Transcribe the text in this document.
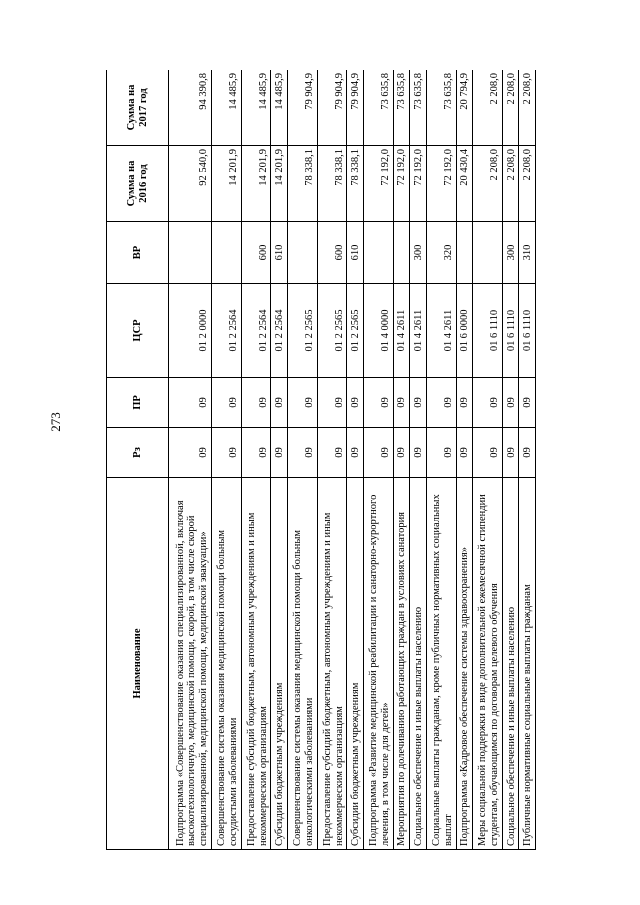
273
Наименование	Рз	ПР	ЦСР	ВР	Сумма на 2016 год	Сумма на 2017 год
Подпрограмма «Совершенствование оказания специализированной, включая высокотехнологичную, медицинской помощи, скорой, в том числе скорой специализированной, медицинской помощи, медицинской эвакуации»	09	09	01 2 0000		92 540,0	94 390,8
Совершенствование системы оказания медицинской помощи больным сосудистыми заболеваниями	09	09	01 2 2564		14 201,9	14 485,9
Предоставление субсидий бюджетным, автономным учреждениям и иным некоммерческим организациям	09	09	01 2 2564	600	14 201,9	14 485,9
Субсидии бюджетным учреждениям	09	09	01 2 2564	610	14 201,9	14 485,9
Совершенствование системы оказания медицинской помощи больным онкологическими заболеваниями	09	09	01 2 2565		78 338,1	79 904,9
Предоставление субсидий бюджетным, автономным учреждениям и иным некоммерческим организациям	09	09	01 2 2565	600	78 338,1	79 904,9
Субсидии бюджетным учреждениям	09	09	01 2 2565	610	78 338,1	79 904,9
Подпрограмма «Развитие медицинской реабилитации и санаторно-курортного лечения, в том числе для детей»	09	09	01 4 0000		72 192,0	73 635,8
Мероприятия по долечиванию работающих граждан в условиях санатория	09	09	01 4 2611		72 192,0	73 635,8
Социальное обеспечение и иные выплаты населению	09	09	01 4 2611	300	72 192,0	73 635,8
Социальные выплаты гражданам, кроме публичных нормативных социальных выплат	09	09	01 4 2611	320	72 192,0	73 635,8
Подпрограмма «Кадровое обеспечение системы здравоохранения»	09	09	01 6 0000		20 430,4	20 794,9
Меры социальной поддержки в виде дополнительной ежемесячной стипендии студентам, обучающимся по договорам целевого обучения	09	09	01 6 1110		2 208,0	2 208,0
Социальное обеспечение и иные выплаты населению	09	09	01 6 1110	300	2 208,0	2 208,0
Публичные нормативные социальные выплаты гражданам	09	09	01 6 1110	310	2 208,0	2 208,0
